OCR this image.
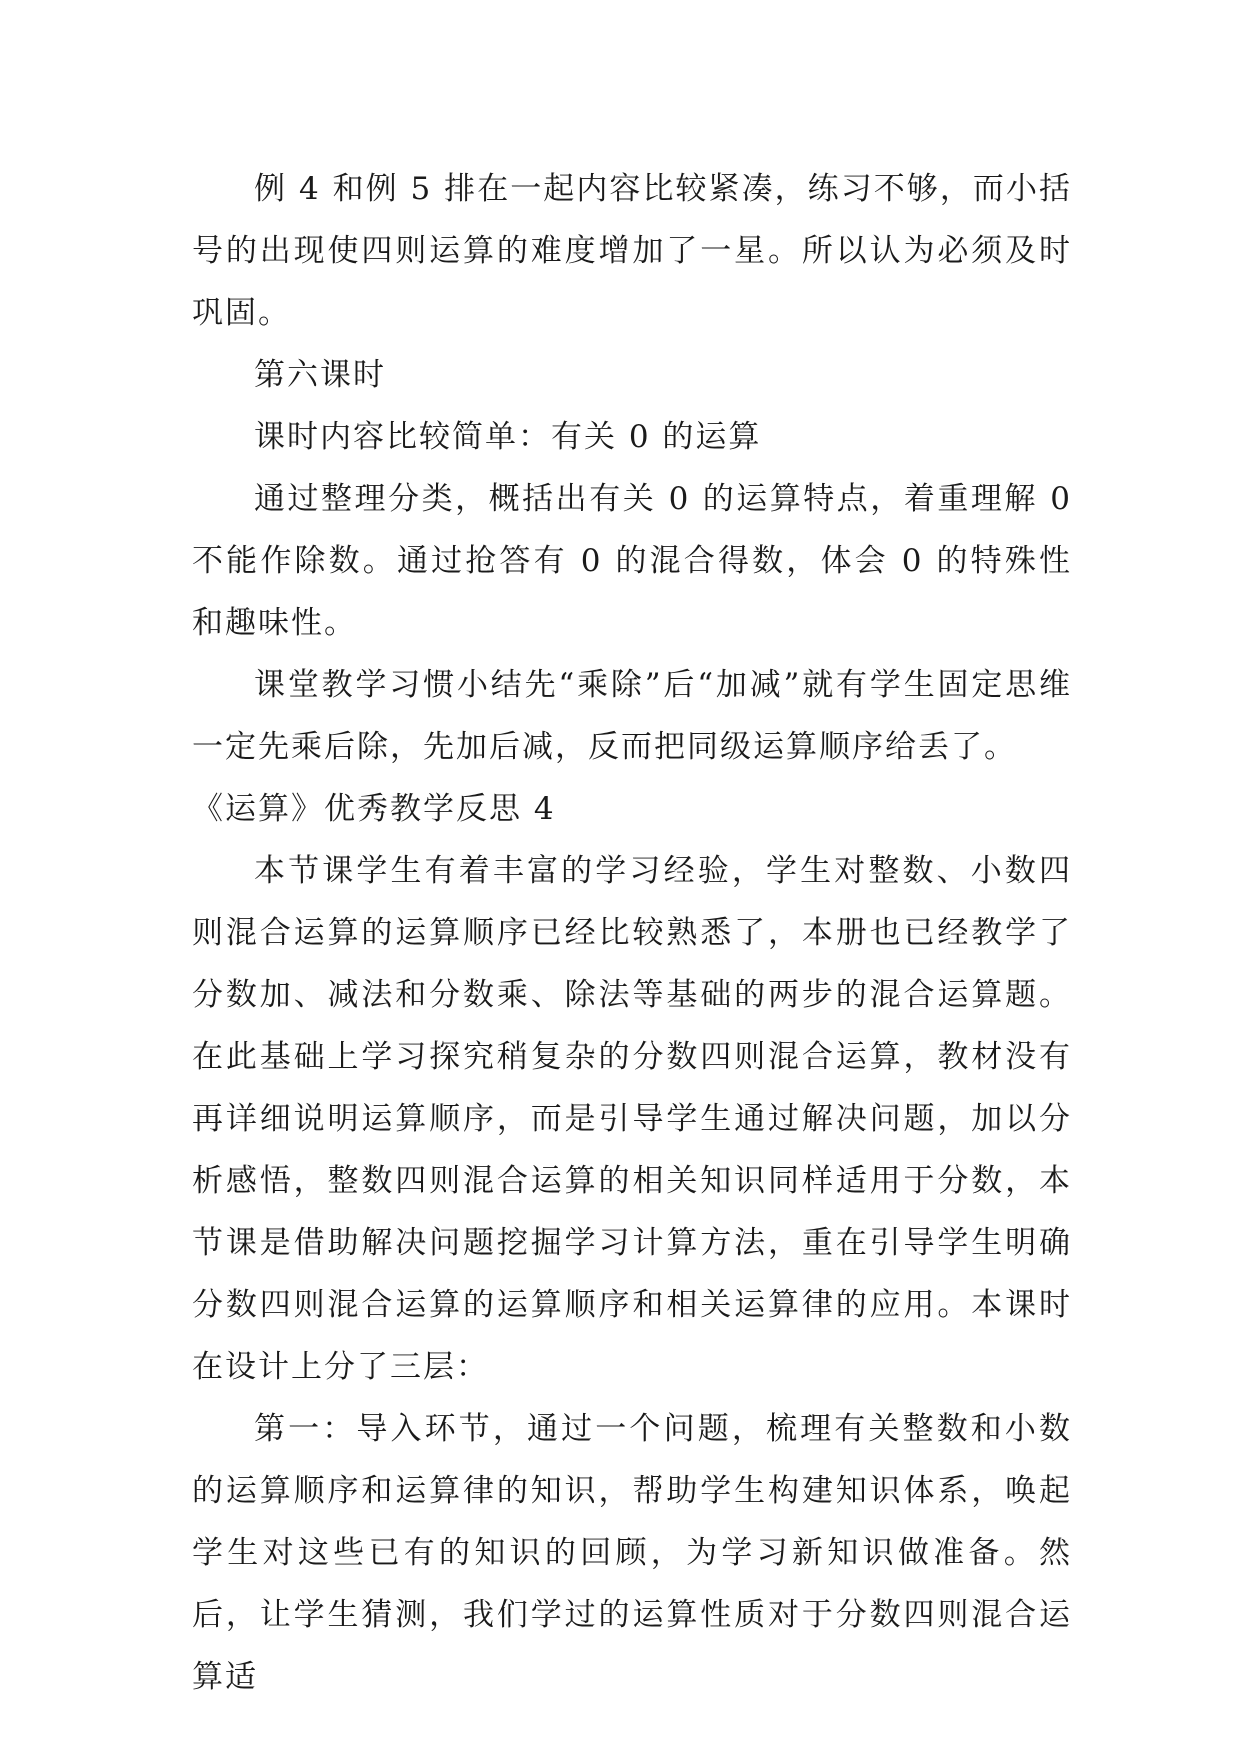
例 4 和例 5 排在一起内容比较紧凑，练习不够，而小括号的出现使四则运算的难度增加了一星。所以认为必须及时巩固。

第六课时

课时内容比较简单：有关 0 的运算

通过整理分类，概括出有关 0 的运算特点，着重理解 0 不能作除数。通过抢答有 0 的混合得数，体会 0 的特殊性和趣味性。

课堂教学习惯小结先“乘除”后“加减”就有学生固定思维一定先乘后除，先加后减，反而把同级运算顺序给丢了。

《运算》优秀教学反思 4

本节课学生有着丰富的学习经验，学生对整数、小数四则混合运算的运算顺序已经比较熟悉了，本册也已经教学了分数加、减法和分数乘、除法等基础的两步的混合运算题。在此基础上学习探究稍复杂的分数四则混合运算，教材没有再详细说明运算顺序，而是引导学生通过解决问题，加以分析感悟，整数四则混合运算的相关知识同样适用于分数，本节课是借助解决问题挖掘学习计算方法，重在引导学生明确分数四则混合运算的运算顺序和相关运算律的应用。本课时在设计上分了三层：

第一：导入环节，通过一个问题，梳理有关整数和小数的运算顺序和运算律的知识，帮助学生构建知识体系，唤起学生对这些已有的知识的回顾，为学习新知识做准备。然后，让学生猜测，我们学过的运算性质对于分数四则混合运算适
